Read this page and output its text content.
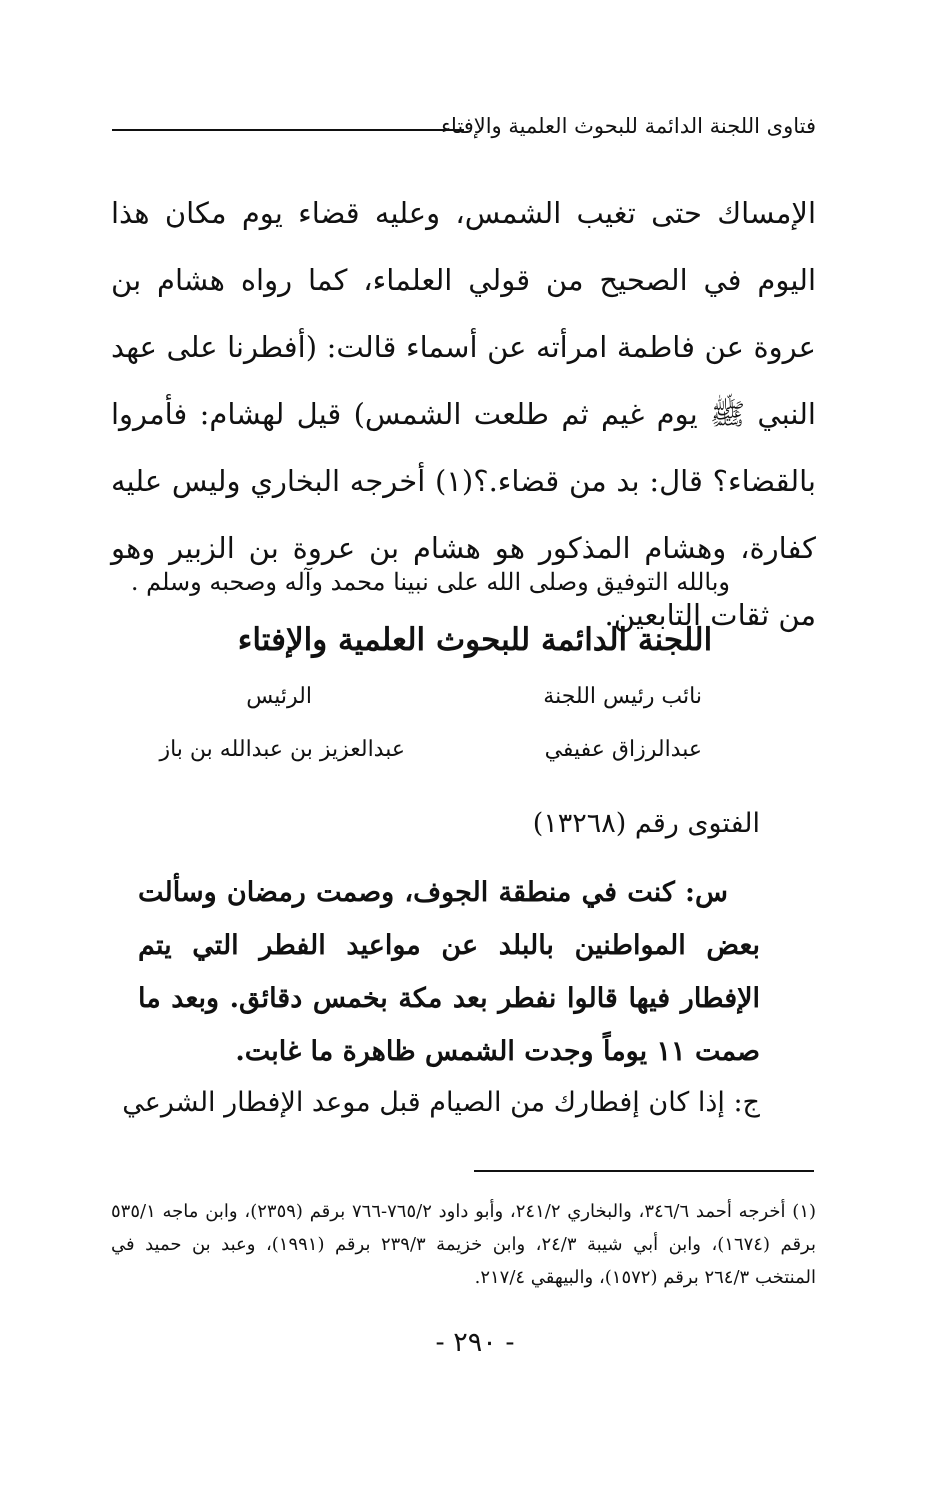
فتاوى اللجنة الدائمة للبحوث العلمية والإفتاء

الإمساك حتى تغيب الشمس، وعليه قضاء يوم مكان هذا اليوم في الصحيح من قولي العلماء، كما رواه هشام بن عروة عن فاطمة امرأته عن أسماء قالت: (أفطرنا على عهد النبي ﷺ يوم غيم ثم طلعت الشمس) قيل لهشام: فأمروا بالقضاء؟ قال: بد من قضاء.؟(١) أخرجه البخاري وليس عليه كفارة، وهشام المذكور هو هشام بن عروة بن الزبير وهو من ثقات التابعين.

وبالله التوفيق وصلى الله على نبينا محمد وآله وصحبه وسلم .
اللجنة الدائمة للبحوث العلمية والإفتاء
نائب رئيس اللجنة
الرئيس
عبدالرزاق عفيفي
عبدالعزيز بن عبدالله بن باز
الفتوى رقم (١٣٢٦٨)

س: كنت في منطقة الجوف، وصمت رمضان وسألت بعض المواطنين بالبلد عن مواعيد الفطر التي يتم الإفطار فيها قالوا نفطر بعد مكة بخمس دقائق. وبعد ما صمت ١١ يوماً وجدت الشمس ظاهرة ما غابت.

ج: إذا كان إفطارك من الصيام قبل موعد الإفطار الشرعي
(١) أخرجه أحمد ٣٤٦/٦، والبخاري ٢٤١/٢، وأبو داود ٧٦٥/٢-٧٦٦ برقم (٢٣٥٩)، وابن ماجه ٥٣٥/١ برقم (١٦٧٤)، وابن أبي شيبة ٢٤/٣، وابن خزيمة ٢٣٩/٣ برقم (١٩٩١)، وعبد بن حميد في المنتخب ٢٦٤/٣ برقم (١٥٧٢)، والبيهقي ٢١٧/٤.
- ٢٩٠ -
